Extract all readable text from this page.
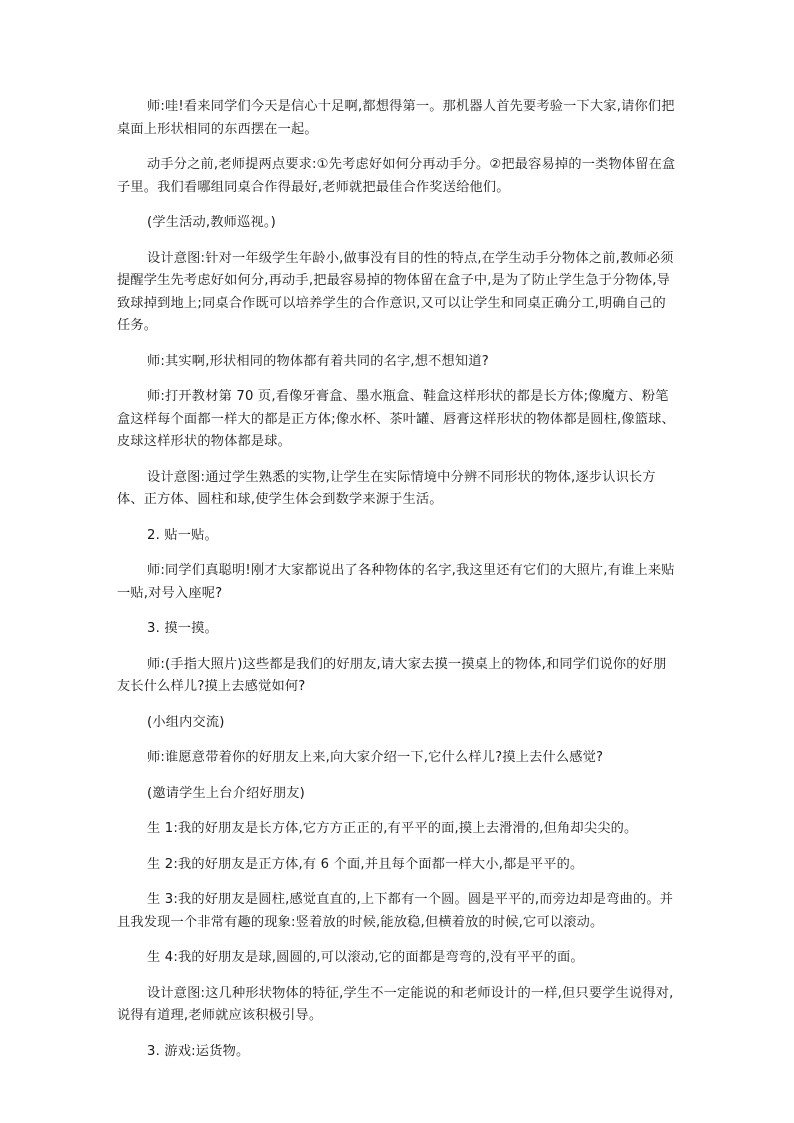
师:哇!看来同学们今天是信心十足啊,都想得第一。那机器人首先要考验一下大家,请你们把桌面上形状相同的东西摆在一起。

动手分之前,老师提两点要求:①先考虑好如何分再动手分。②把最容易掉的一类物体留在盒子里。我们看哪组同桌合作得最好,老师就把最佳合作奖送给他们。

(学生活动,教师巡视。)

设计意图:针对一年级学生年龄小,做事没有目的性的特点,在学生动手分物体之前,教师必须提醒学生先考虑好如何分,再动手,把最容易掉的物体留在盒子中,是为了防止学生急于分物体,导致球掉到地上;同桌合作既可以培养学生的合作意识,又可以让学生和同桌正确分工,明确自己的任务。

师:其实啊,形状相同的物体都有着共同的名字,想不想知道?

师:打开教材第 70 页,看像牙膏盒、墨水瓶盒、鞋盒这样形状的都是长方体;像魔方、粉笔盒这样每个面都一样大的都是正方体;像水杯、茶叶罐、唇膏这样形状的物体都是圆柱,像篮球、皮球这样形状的物体都是球。

设计意图:通过学生熟悉的实物,让学生在实际情境中分辨不同形状的物体,逐步认识长方体、正方体、圆柱和球,使学生体会到数学来源于生活。

2. 贴一贴。

师:同学们真聪明!刚才大家都说出了各种物体的名字,我这里还有它们的大照片,有谁上来贴一贴,对号入座呢?

3. 摸一摸。

师:(手指大照片)这些都是我们的好朋友,请大家去摸一摸桌上的物体,和同学们说你的好朋友长什么样儿?摸上去感觉如何?

(小组内交流)

师:谁愿意带着你的好朋友上来,向大家介绍一下,它什么样儿?摸上去什么感觉?

(邀请学生上台介绍好朋友)

生 1:我的好朋友是长方体,它方方正正的,有平平的面,摸上去滑滑的,但角却尖尖的。

生 2:我的好朋友是正方体,有 6 个面,并且每个面都一样大小,都是平平的。

生 3:我的好朋友是圆柱,感觉直直的,上下都有一个圆。圆是平平的,而旁边却是弯曲的。并且我发现一个非常有趣的现象:竖着放的时候,能放稳,但横着放的时候,它可以滚动。

生 4:我的好朋友是球,圆圆的,可以滚动,它的面都是弯弯的,没有平平的面。

设计意图:这几种形状物体的特征,学生不一定能说的和老师设计的一样,但只要学生说得对,说得有道理,老师就应该积极引导。

3. 游戏:运货物。
